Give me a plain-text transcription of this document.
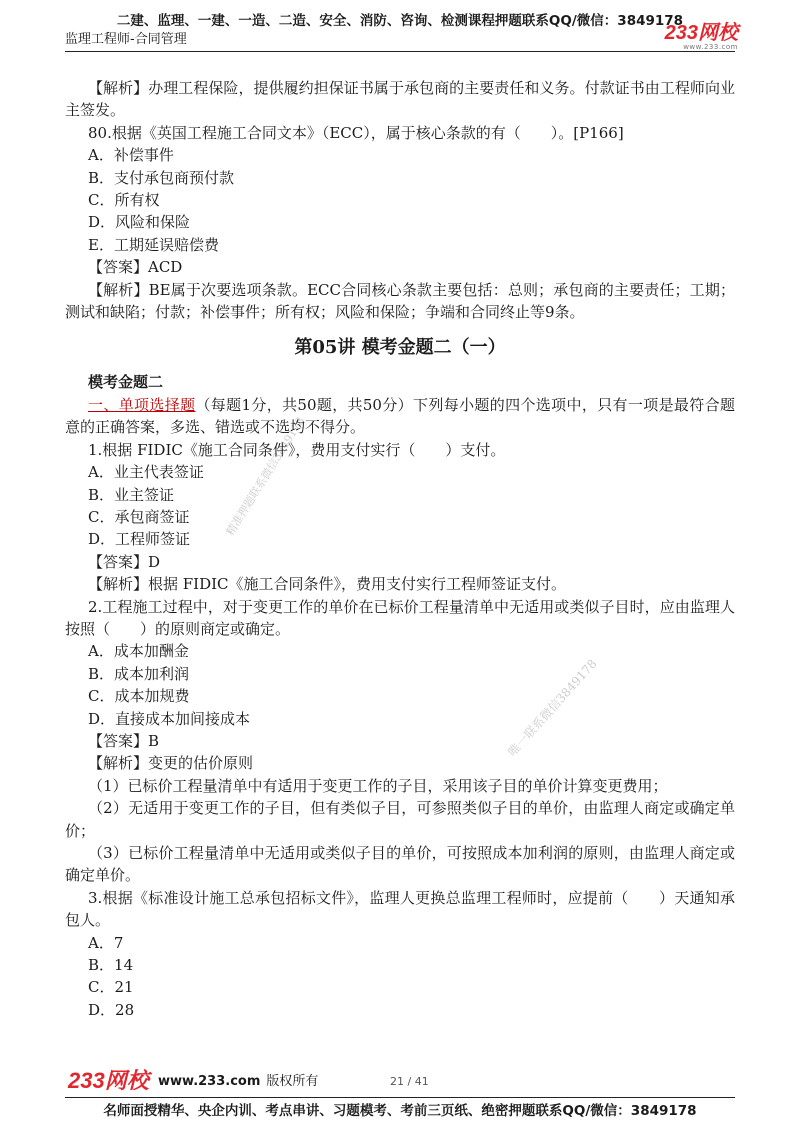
二建、监理、一建、一造、二造、安全、消防、咨询、检测课程押题联系QQ/微信：3849178
监理工程师-合同管理	233网校
www.233.com
精准押题联系微信3849178
唯一联系微信3849178

【解析】办理工程保险，提供履约担保证书属于承包商的主要责任和义务。付款证书由工程师向业主签发。

80.根据《英国工程施工合同文本》（ECC），属于核心条款的有（　　）。[P166]

A．补偿事件

B．支付承包商预付款

C．所有权

D．风险和保险

E．工期延误赔偿费

【答案】ACD

【解析】BE属于次要选项条款。ECC合同核心条款主要包括：总则；承包商的主要责任；工期；测试和缺陷；付款；补偿事件；所有权；风险和保险；争端和合同终止等9条。

第05讲 模考金题二（一）

模考金题二

一、单项选择题（每题1分，共50题，共50分）下列每小题的四个选项中，只有一项是最符合题意的正确答案，多选、错选或不选均不得分。

1.根据 FIDIC《施工合同条件》，费用支付实行（　　）支付。

A．业主代表签证

B．业主签证

C．承包商签证

D．工程师签证

【答案】D

【解析】根据 FIDIC《施工合同条件》，费用支付实行工程师签证支付。

2.工程施工过程中，对于变更工作的单价在已标价工程量清单中无适用或类似子目时，应由监理人按照（　　）的原则商定或确定。

A．成本加酬金

B．成本加利润

C．成本加规费

D．直接成本加间接成本

【答案】B

【解析】变更的估价原则

（1）已标价工程量清单中有适用于变更工作的子目，采用该子目的单价计算变更费用；

（2）无适用于变更工作的子目，但有类似子目，可参照类似子目的单价，由监理人商定或确定单价；

（3）已标价工程量清单中无适用或类似子目的单价，可按照成本加利润的原则，由监理人商定或确定单价。

3.根据《标准设计施工总承包招标文件》，监理人更换总监理工程师时，应提前（　　）天通知承包人。

A．7

B．14

C．21

D．28

233网校 www.233.com 版权所有	21 / 41
名师面授精华、央企内训、考点串讲、习题模考、考前三页纸、绝密押题联系QQ/微信：3849178
